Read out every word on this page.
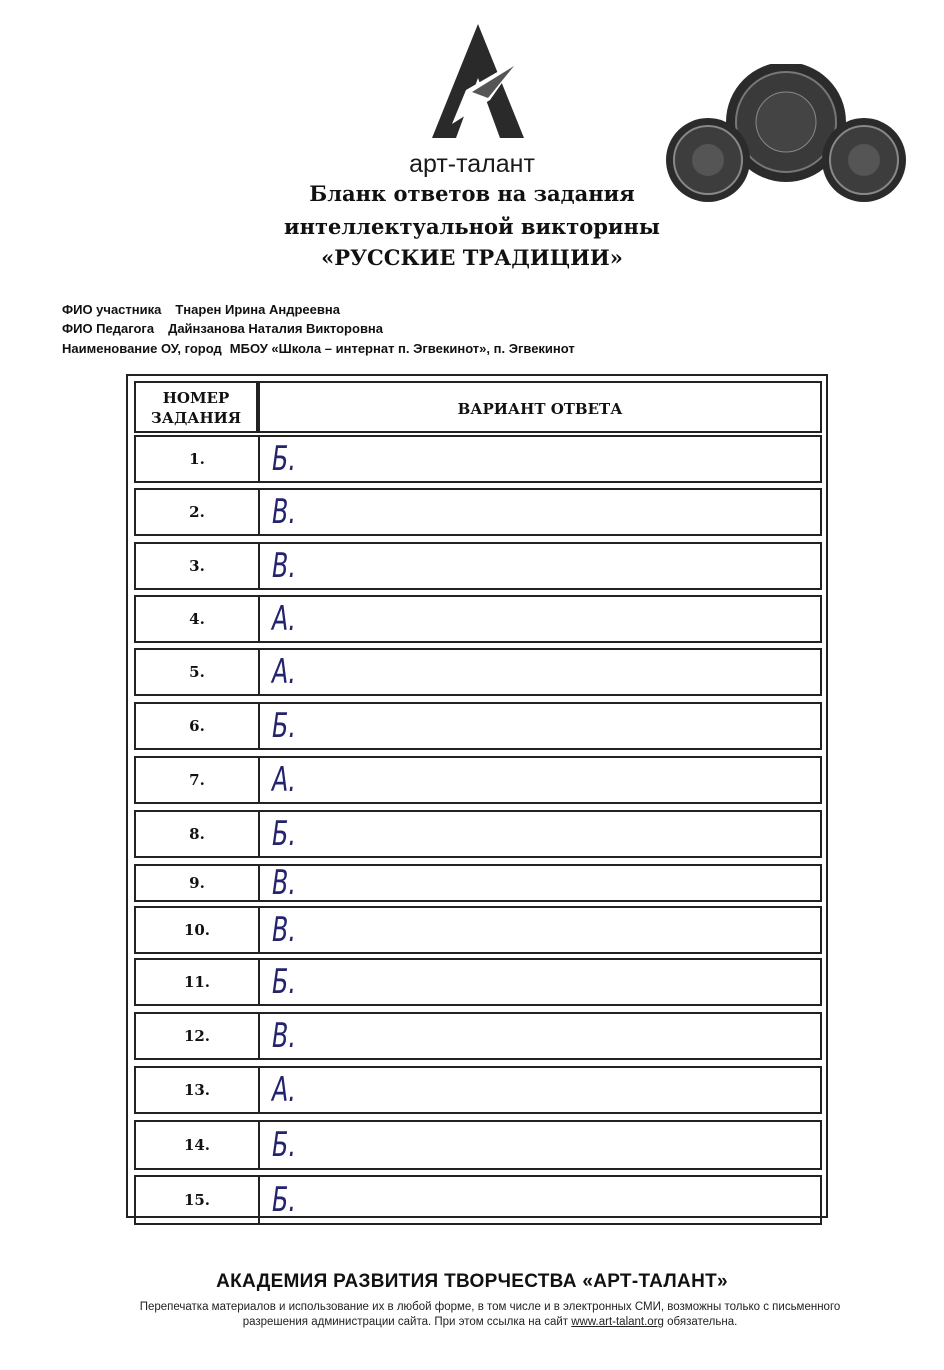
арт-талант
Бланк ответов на задания
интеллектуальной викторины
«РУССКИЕ ТРАДИЦИИ»
ФИО участника Тнарен Ирина Андреевна
ФИО Педагога Дайнзанова Наталия Викторовна
Наименование ОУ, город МБОУ «Школа – интернат п. Эгвекинот», п. Эгвекинот
НОМЕР
ЗАДАНИЯ	ВАРИАНТ ОТВЕТА
1.	Б.
2.	В.
3.	В.
4.	А.
5.	А.
6.	Б.
7.	А.
8.	Б.
9.	В.
10.	В.
11.	Б.
12.	В.
13.	А.
14.	Б.
15.	Б.
АКАДЕМИЯ РАЗВИТИЯ ТВОРЧЕСТВА «АРТ-ТАЛАНТ»
Перепечатка материалов и использование их в любой форме, в том числе и в электронных СМИ, возможны только с письменного разрешения администрации сайта. При этом ссылка на сайт www.art-talant.org обязательна.
